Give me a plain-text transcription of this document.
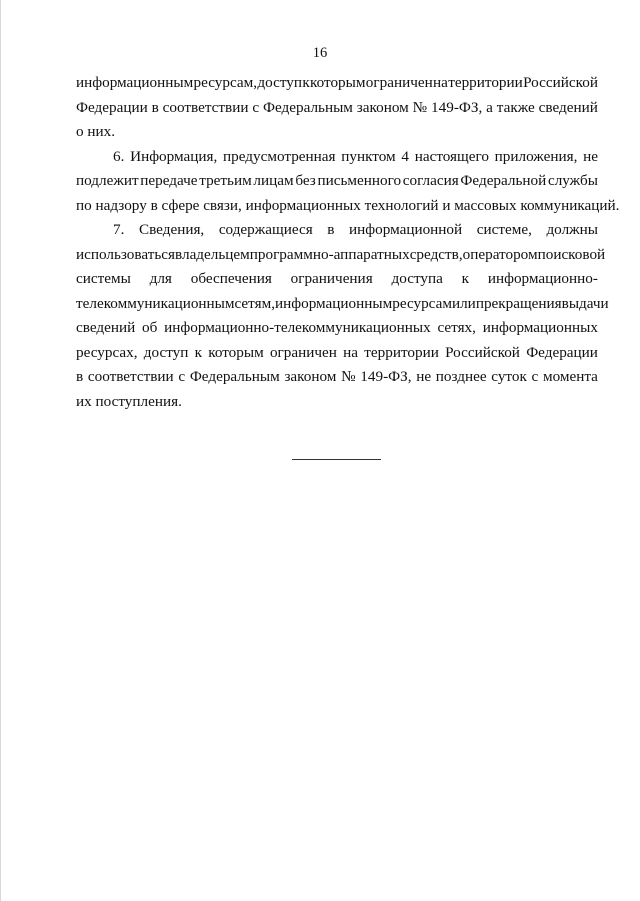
16
информационным ресурсам, доступ к которым ограничен на территории Российской
Федерации в соответствии с Федеральным законом № 149-ФЗ, а также сведений
о них.
6. Информация, предусмотренная пунктом 4 настоящего приложения, не
подлежит передаче третьим лицам без письменного согласия Федеральной службы
по надзору в сфере связи, информационных технологий и массовых коммуникаций.
7. Сведения, содержащиеся в информационной системе, должны
использоваться владельцем программно-аппаратных средств, оператором поисковой
системы для обеспечения ограничения доступа к информационно-
телекоммуникационным сетям, информационным ресурсам или прекращения выдачи
сведений об информационно-телекоммуникационных сетях, информационных
ресурсах, доступ к которым ограничен на территории Российской Федерации
в соответствии с Федеральным законом № 149-ФЗ, не позднее суток с момента
их поступления.
